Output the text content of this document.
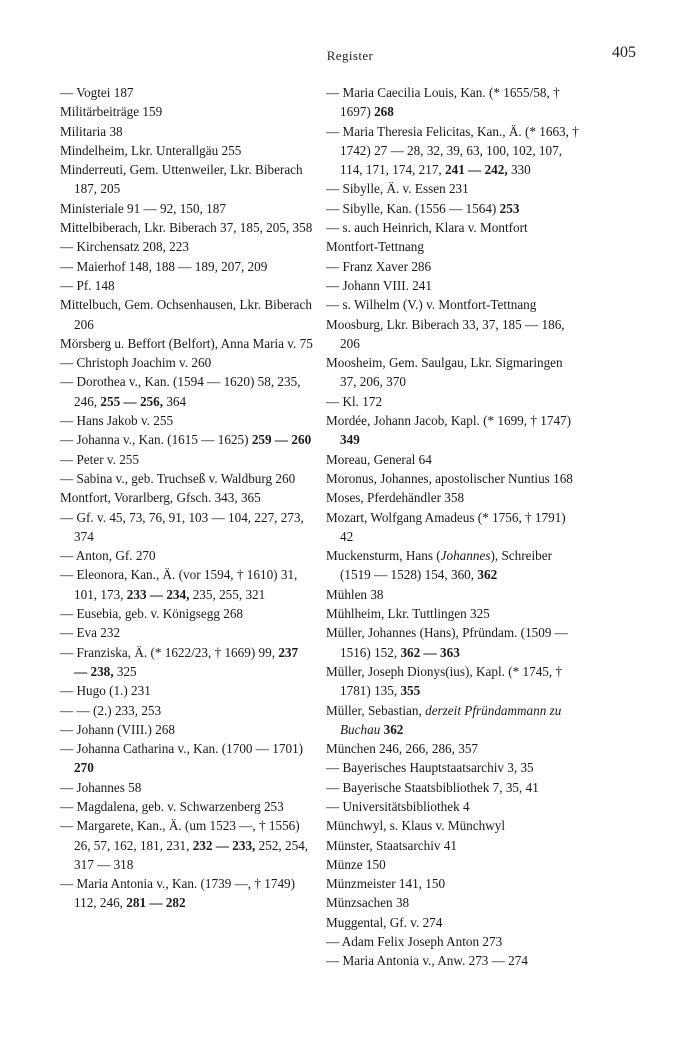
Register	405

— Vogtei 187

Militärbeiträge 159

Militaria 38

Mindelheim, Lkr. Unterallgäu 255

Minderreuti, Gem. Uttenweiler, Lkr. Biberach 187, 205

Ministeriale 91 — 92, 150, 187

Mittelbiberach, Lkr. Biberach 37, 185, 205, 358

— Kirchensatz 208, 223

— Maierhof 148, 188 — 189, 207, 209

— Pf. 148

Mittelbuch, Gem. Ochsenhausen, Lkr. Biberach 206

Mörsberg u. Beffort (Belfort), Anna Maria v. 75

— Christoph Joachim v. 260

— Dorothea v., Kan. (1594 — 1620) 58, 235, 246, 255 — 256, 364

— Hans Jakob v. 255

— Johanna v., Kan. (1615 — 1625) 259 — 260

— Peter v. 255

— Sabina v., geb. Truchseß v. Waldburg 260

Montfort, Vorarlberg, Gfsch. 343, 365

— Gf. v. 45, 73, 76, 91, 103 — 104, 227, 273, 374

— Anton, Gf. 270

— Eleonora, Kan., Ä. (vor 1594, † 1610) 31, 101, 173, 233 — 234, 235, 255, 321

— Eusebia, geb. v. Königsegg 268

— Eva 232

— Franziska, Ä. (* 1622/23, † 1669) 99, 237 — 238, 325

— Hugo (1.) 231

— — (2.) 233, 253

— Johann (VIII.) 268

— Johanna Catharina v., Kan. (1700 — 1701) 270

— Johannes 58

— Magdalena, geb. v. Schwarzenberg 253

— Margarete, Kan., Ä. (um 1523 —, † 1556) 26, 57, 162, 181, 231, 232 — 233, 252, 254, 317 — 318

— Maria Antonia v., Kan. (1739 —, † 1749) 112, 246, 281 — 282

— Maria Caecilia Louis, Kan. (* 1655/58, † 1697) 268

— Maria Theresia Felicitas, Kan., Ä. (* 1663, † 1742) 27 — 28, 32, 39, 63, 100, 102, 107, 114, 171, 174, 217, 241 — 242, 330

— Sibylle, Ä. v. Essen 231

— Sibylle, Kan. (1556 — 1564) 253

— s. auch Heinrich, Klara v. Montfort

Montfort-Tettnang

— Franz Xaver 286

— Johann VIII. 241

— s. Wilhelm (V.) v. Montfort-Tettnang

Moosburg, Lkr. Biberach 33, 37, 185 — 186, 206

Moosheim, Gem. Saulgau, Lkr. Sigmaringen 37, 206, 370

— Kl. 172

Mordée, Johann Jacob, Kapl. (* 1699, † 1747) 349

Moreau, General 64

Moronus, Johannes, apostolischer Nuntius 168

Moses, Pferdehändler 358

Mozart, Wolfgang Amadeus (* 1756, † 1791) 42

Muckensturm, Hans (Johannes), Schreiber (1519 — 1528) 154, 360, 362

Mühlen 38

Mühlheim, Lkr. Tuttlingen 325

Müller, Johannes (Hans), Pfründam. (1509 — 1516) 152, 362 — 363

Müller, Joseph Dionys(ius), Kapl. (* 1745, † 1781) 135, 355

Müller, Sebastian, derzeit Pfründammann zu Buchau 362

München 246, 266, 286, 357

— Bayerisches Hauptstaatsarchiv 3, 35

— Bayerische Staatsbibliothek 7, 35, 41

— Universitätsbibliothek 4

Münchwyl, s. Klaus v. Münchwyl

Münster, Staatsarchiv 41

Münze 150

Münzmeister 141, 150

Münzsachen 38

Muggental, Gf. v. 274

— Adam Felix Joseph Anton 273

— Maria Antonia v., Anw. 273 — 274
